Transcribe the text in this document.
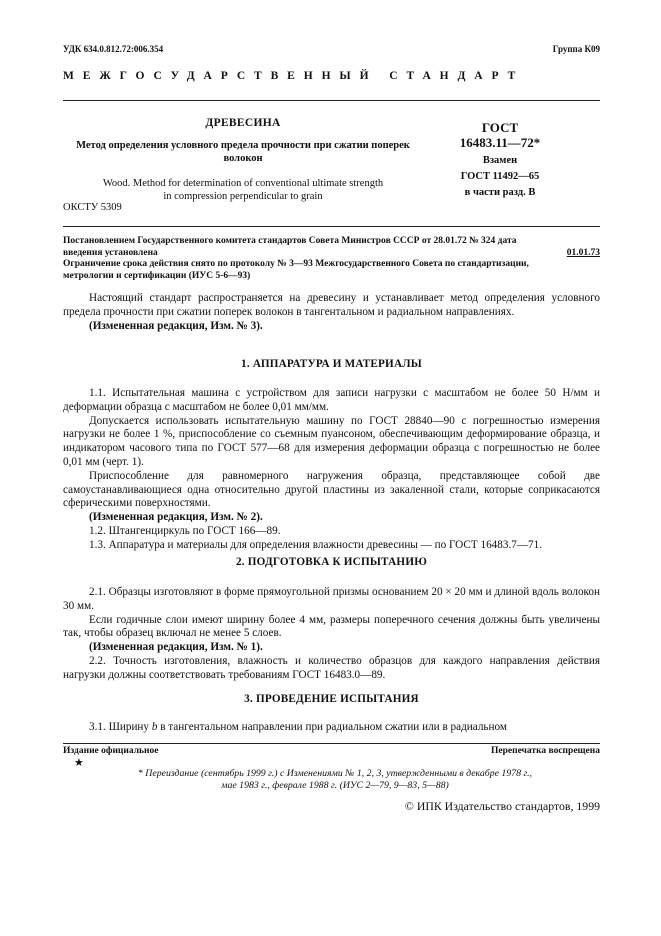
УДК 634.0.812.72:006.354	Группа К09
МЕЖГОСУДАРСТВЕННЫЙ СТАНДАРТ
ДРЕВЕСИНА
Метод определения условного предела прочности при сжатии поперек волокон
Wood. Method for determination of conventional ultimate strength
in compression perpendicular to grain
ОКСТУ 5309
ГОСТ
16483.11—72*
Взамен
ГОСТ 11492—65
в части разд. В
Постановлением Государственного комитета стандартов Совета Министров СССР от 28.01.72 № 324 дата
введения установлена	01.01.73
Ограничение срока действия снято по протоколу № 3—93 Межгосударственного Совета по стандартизации,
метрологии и сертификации (ИУС 5-6—93)

Настоящий стандарт распространяется на древесину и устанавливает метод определения условного предела прочности при сжатии поперек волокон в тангентальном и радиальном направлениях.

(Измененная редакция, Изм. № 3).

1. АППАРАТУРА И МАТЕРИАЛЫ

1.1. Испытательная машина с устройством для записи нагрузки с масштабом не более 50 Н/мм и деформации образца с масштабом не более 0,01 мм/мм.

Допускается использовать испытательную машину по ГОСТ 28840—90 с погрешностью измерения нагрузки не более 1 %, приспособление со съемным пуансоном, обеспечивающим деформирование образца, и индикатором часового типа по ГОСТ 577—68 для измерения деформации образца с погрешностью не более 0,01 мм (черт. 1).

Приспособление для равномерного нагружения образца, представляющее собой две самоустанавливающиеся одна относительно другой пластины из закаленной стали, которые соприкасаются сферическими поверхностями.

(Измененная редакция, Изм. № 2).

1.2. Штангенциркуль по ГОСТ 166—89.

1.3. Аппаратура и материалы для определения влажности древесины — по ГОСТ 16483.7—71.

2. ПОДГОТОВКА К ИСПЫТАНИЮ

2.1. Образцы изготовляют в форме прямоугольной призмы основанием 20 × 20 мм и длиной вдоль волокон 30 мм.

Если годичные слои имеют ширину более 4 мм, размеры поперечного сечения должны быть увеличены так, чтобы образец включал не менее 5 слоев.

(Измененная редакция, Изм. № 1).

2.2. Точность изготовления, влажность и количество образцов для каждого направления действия нагрузки должны соответствовать требованиям ГОСТ 16483.0—89.

3. ПРОВЕДЕНИЕ ИСПЫТАНИЯ

3.1. Ширину b в тангентальном направлении при радиальном сжатии или в радиальном

Издание официальное	Перепечатка воспрещена
★
* Переиздание (сентябрь 1999 г.) с Изменениями № 1, 2, 3, утвержденными в декабре 1978 г.,
мае 1983 г., феврале 1988 г. (ИУС 2—79, 9—83, 5—88)
© ИПК Издательство стандартов, 1999
